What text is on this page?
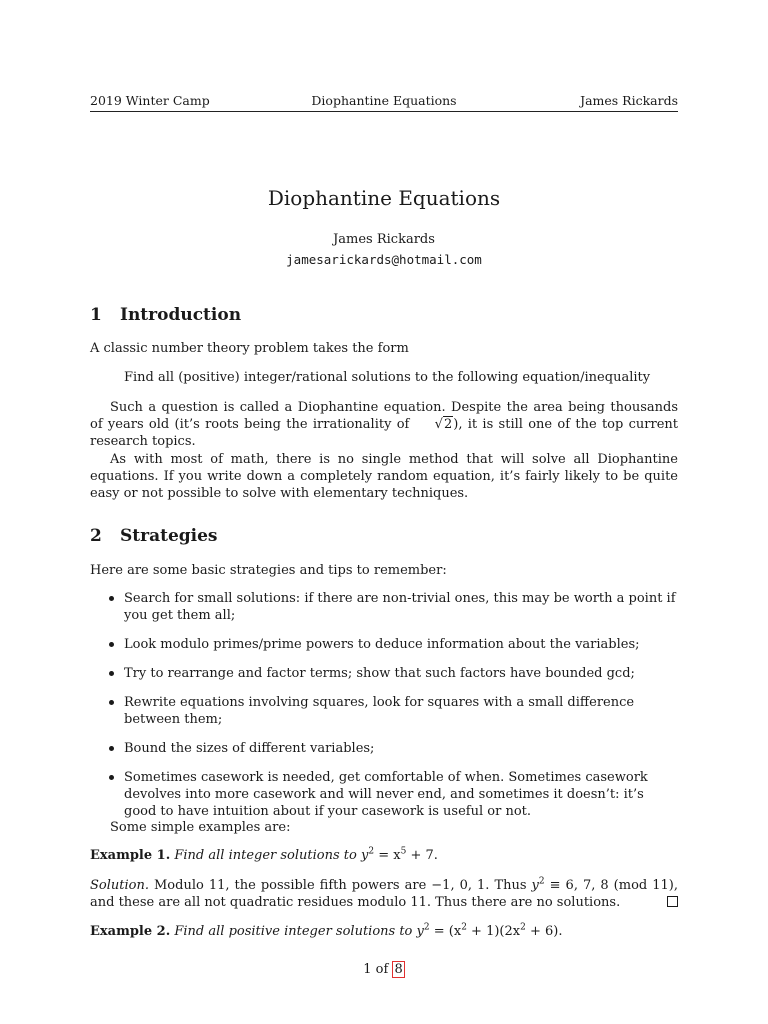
2019 Winter Camp	Diophantine Equations	James Rickards
Diophantine Equations
James Rickards
jamesarickards@hotmail.com
1 Introduction
A classic number theory problem takes the form
Find all (positive) integer/rational solutions to the following equation/inequality
Such a question is called a Diophantine equation. Despite the area being thousands of years old (it’s roots being the irrationality of √2), it is still one of the top current research topics.
As with most of math, there is no single method that will solve all Diophantine equations. If you write down a completely random equation, it’s fairly likely to be quite easy or not possible to solve with elementary techniques.
2 Strategies
Here are some basic strategies and tips to remember:
Search for small solutions: if there are non-trivial ones, this may be worth a point if you get them all;
Look modulo primes/prime powers to deduce information about the variables;
Try to rearrange and factor terms; show that such factors have bounded gcd;
Rewrite equations involving squares, look for squares with a small difference between them;
Bound the sizes of different variables;
Sometimes casework is needed, get comfortable of when. Sometimes casework devolves into more casework and will never end, and sometimes it doesn’t: it’s good to have intuition about if your casework is useful or not.
Some simple examples are:
Example 1. Find all integer solutions to $y^2 = x^5 + 7$.
Solution. Modulo 11, the possible fifth powers are −1, 0, 1. Thus $y^2 \equiv 6$, 7, 8 (mod 11), and these are all not quadratic residues modulo 11. Thus there are no solutions.
Example 2. Find all positive integer solutions to $y^2 = (x^2 + 1)(2x^2 + 6)$.
1 of 8
